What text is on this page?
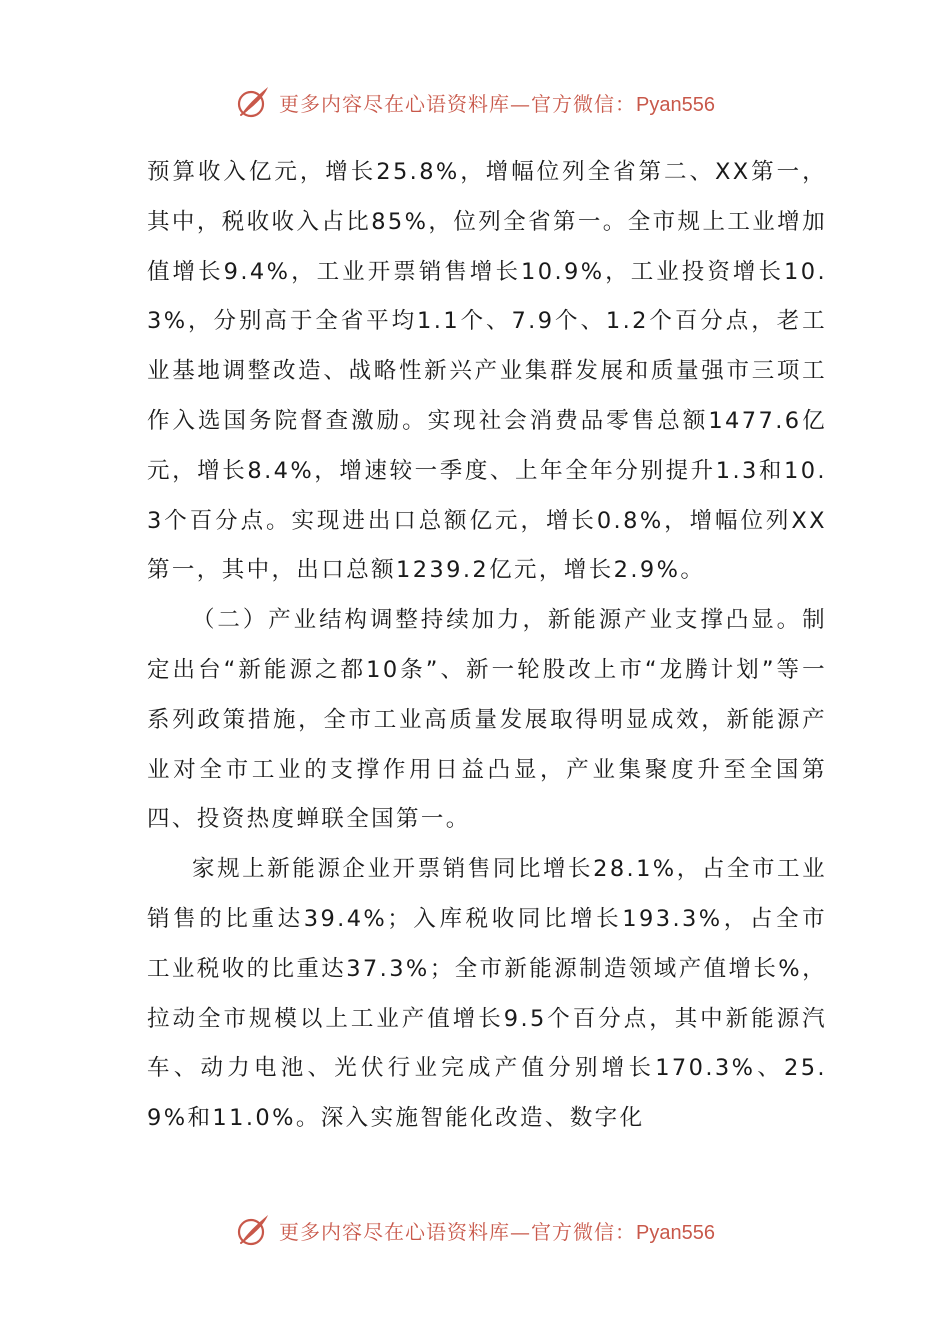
更多内容尽在心语资料库—官方微信：Pyan556

预算收入亿元，增长25.8%，增幅位列全省第二、XX第一，其中，税收收入占比85%，位列全省第一。全市规上工业增加值增长9.4%，工业开票销售增长10.9%，工业投资增长10.3%，分别高于全省平均1.1个、7.9个、1.2个百分点，老工业基地调整改造、战略性新兴产业集群发展和质量强市三项工作入选国务院督查激励。实现社会消费品零售总额1477.6亿元，增长8.4%，增速较一季度、上年全年分别提升1.3和10.3个百分点。实现进出口总额亿元，增长0.8%，增幅位列XX第一，其中，出口总额1239.2亿元，增长2.9%。

（二）产业结构调整持续加力，新能源产业支撑凸显。制定出台“新能源之都10条”、新一轮股改上市“龙腾计划”等一系列政策措施，全市工业高质量发展取得明显成效，新能源产业对全市工业的支撑作用日益凸显，产业集聚度升至全国第四、投资热度蝉联全国第一。

家规上新能源企业开票销售同比增长28.1%，占全市工业销售的比重达39.4%；入库税收同比增长193.3%，占全市工业税收的比重达37.3%；全市新能源制造领域产值增长%，拉动全市规模以上工业产值增长9.5个百分点，其中新能源汽车、动力电池、光伏行业完成产值分别增长170.3%、25.9%和11.0%。深入实施智能化改造、数字化

更多内容尽在心语资料库—官方微信：Pyan556
